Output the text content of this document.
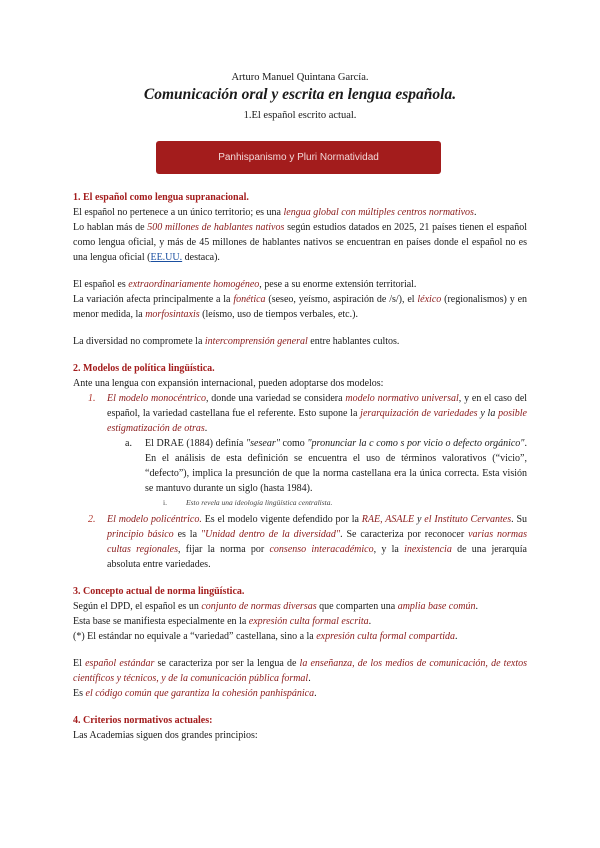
Arturo Manuel Quintana García.
Comunicación oral y escrita en lengua española.
1.El español escrito actual.
Panhispanismo y Pluri Normatividad
1. El español como lengua supranacional.

El español no pertenece a un único territorio; es una lengua global con múltiples centros normativos.

Lo hablan más de 500 millones de hablantes nativos según estudios datados en 2025, 21 países tienen el español como lengua oficial, y más de 45 millones de hablantes nativos se encuentran en países donde el español no es una lengua oficial (EE.UU. destaca).

El español es extraordinariamente homogéneo, pese a su enorme extensión territorial.

La variación afecta principalmente a la fonética (seseo, yeísmo, aspiración de /s/), el léxico (regionalismos) y en menor medida, la morfosintaxis (leísmo, uso de tiempos verbales, etc.).

La diversidad no compromete la intercomprensión general entre hablantes cultos.

2. Modelos de política lingüística.

Ante una lengua con expansión internacional, pueden adoptarse dos modelos:

1. El modelo monocéntrico, donde una variedad se considera modelo normativo universal, y en el caso del español, la variedad castellana fue el referente. Esto supone la jerarquización de variedades y la posible estigmatización de otras.
a. El DRAE (1884) definía "sesear" como "pronunciar la c como s por vicio o defecto orgánico". En el análisis de esta definición se encuentra el uso de términos valorativos (“vicio”, “defecto”), implica la presunción de que la norma castellana era la única correcta. Esta visión se mantuvo durante un siglo (hasta 1984).
i.	Esto revela una ideología lingüística centralista.
2. El modelo policéntrico. Es el modelo vigente defendido por la RAE, ASALE y el Instituto Cervantes. Su principio básico es la "Unidad dentro de la diversidad". Se caracteriza por reconocer varias normas cultas regionales, fijar la norma por consenso interacadémico, y la inexistencia de una jerarquía absoluta entre variedades.
3. Concepto actual de norma lingüística.

Según el DPD, el español es un conjunto de normas diversas que comparten una amplia base común.

Esta base se manifiesta especialmente en la expresión culta formal escrita.

(*) El estándar no equivale a “variedad” castellana, sino a la expresión culta formal compartida.

El español estándar se caracteriza por ser la lengua de la enseñanza, de los medios de comunicación, de textos científicos y técnicos, y de la comunicación pública formal.

Es el código común que garantiza la cohesión panhispánica.

4. Criterios normativos actuales:

Las Academias siguen dos grandes principios:
